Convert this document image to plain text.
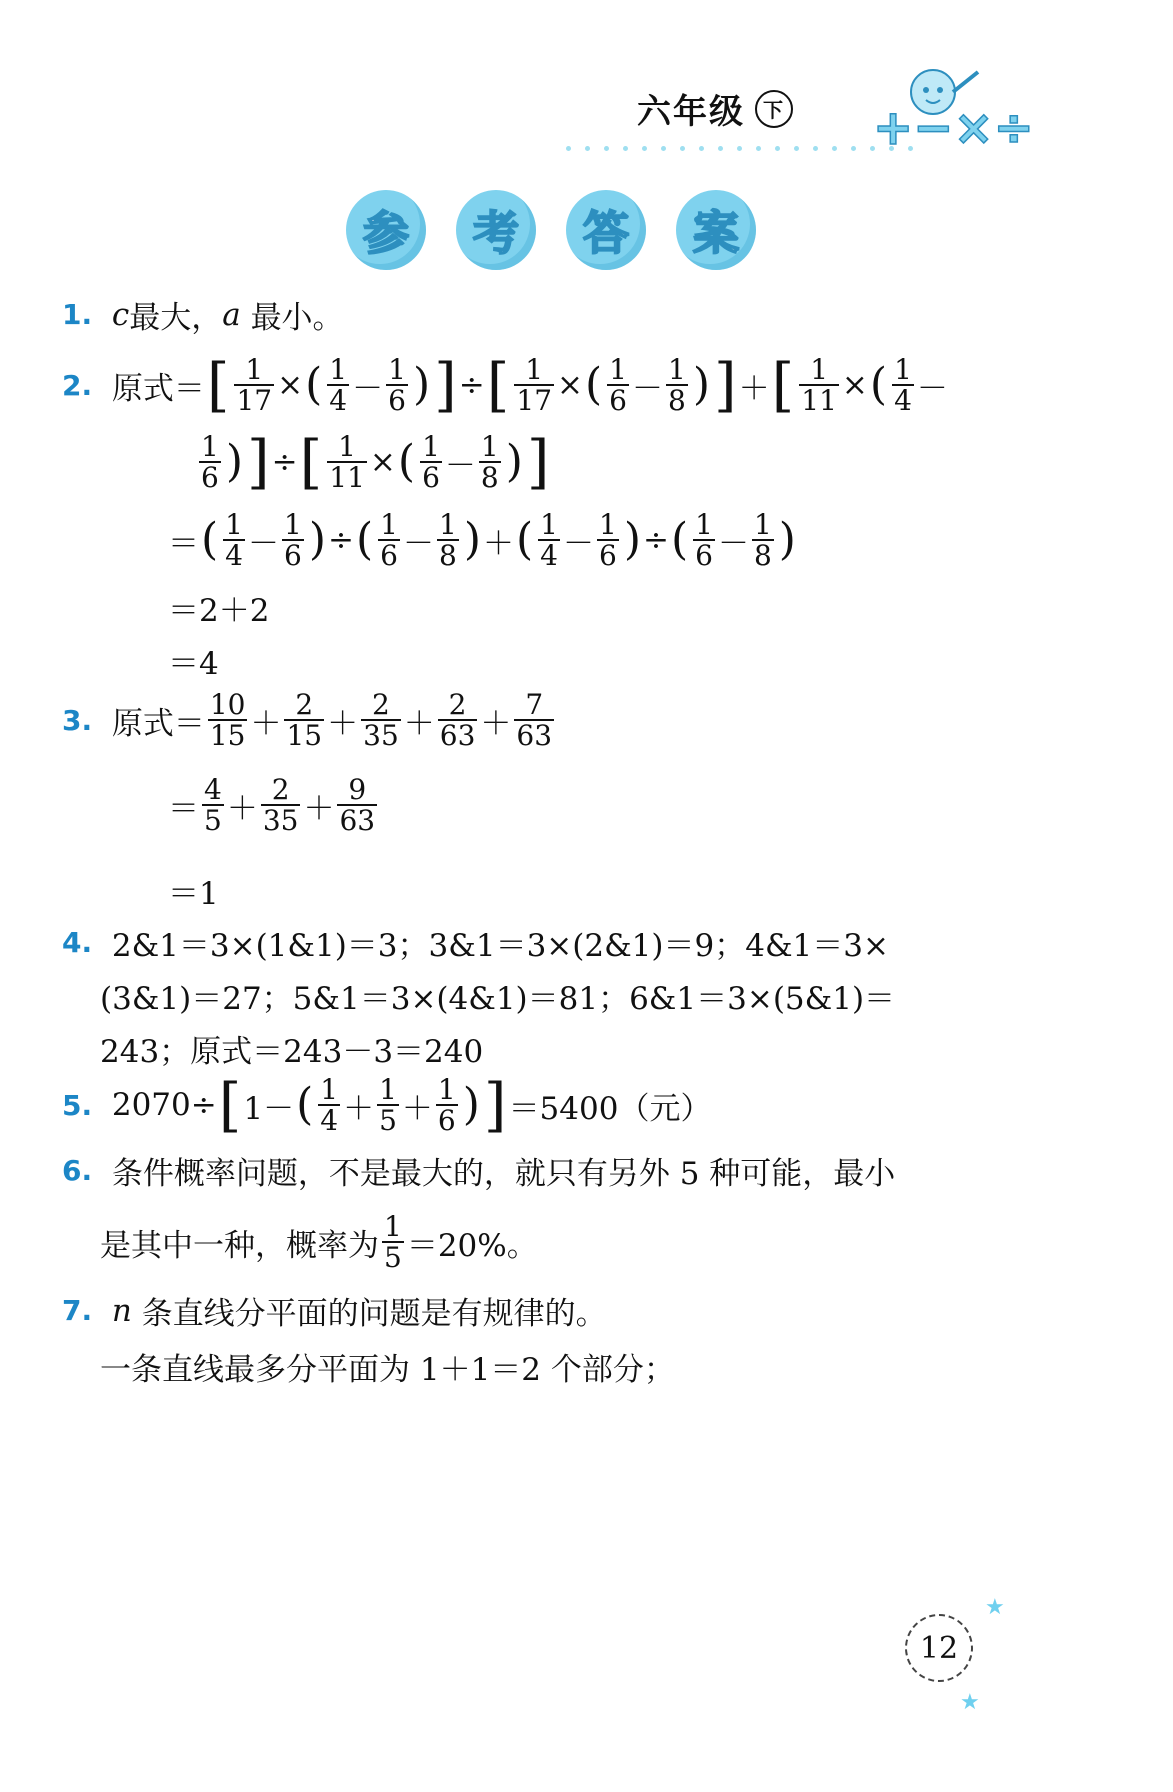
六年级 下 +−×÷
参	考	答	案
1.
c 最大， a
最小。
2.
原式＝ [ $\frac{1}{17}$ × ( $\frac{1}{4} - \frac{1}{6}$ ) ] ÷ [ $\frac{1}{17}$ × ( $\frac{1}{6} - \frac{1}{8}$ ) ] ＋ [ $\frac{1}{11}$ × ( $\frac{1}{4}$ －
$\frac{1}{6}$ ) ] ÷ [ $\frac{1}{11}$ × ( $\frac{1}{6} - \frac{1}{8}$ ) ]
＝ ( $\frac{1}{4} - \frac{1}{6}$ ) ÷ ( $\frac{1}{6} - \frac{1}{8}$ ) ＋ ( $\frac{1}{4} - \frac{1}{6}$ ) ÷ ( $\frac{1}{6} - \frac{1}{8}$ )
＝2＋2
＝4
3.
原式＝ $\frac{10}{15} + \frac{2}{15} + \frac{2}{35} + \frac{2}{63} + \frac{7}{63}$
＝ $\frac{4}{5} + \frac{2}{35} + \frac{9}{63}$
＝1
4.
2&1＝3×(1&1)＝3；3&1＝3×(2&1)＝9；4&1＝3×
(3&1)＝27；5&1＝3×(4&1)＝81；6&1＝3×(5&1)＝
243；原式＝243－3＝240
5.
2070÷ [ 1－ ( $\frac{1}{4} + \frac{1}{5} + \frac{1}{6}$ ) ] ＝5400（元）
6.
条件概率问题，不是最大的，就只有另外 5 种可能，最小
是其中一种，概率为 $\frac{1}{5} =20\%$。
7.
n
条直线分平面的问题是有规律的。
一条直线最多分平面为 1＋1＝2 个部分；
★
★
12
